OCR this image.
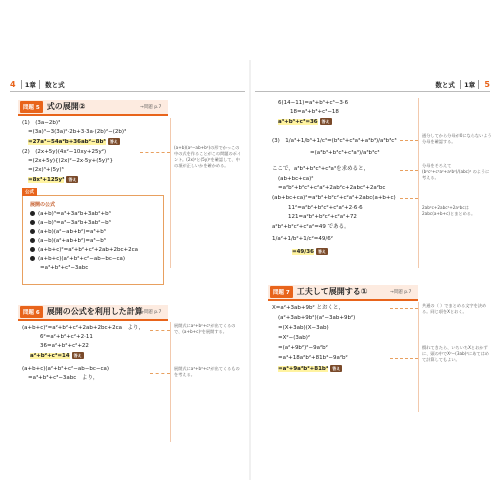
4 1章 数と式
問題 5 式の展開②	→問題 p.7
(1)　(3a−2b)³
=(3a)³−3(3a)²·2b+3·3a·(2b)²−(2b)³
=27a³−54a²b+36ab²−8b³ 答え
(2)　(2x+5y)(4x²−10xy+25y²)
=(2x+5y){(2x)²−2x·5y+(5y)²}
=(2x)³+(5y)³
=8x³+125y³ 答え
(a+b)(a²−ab+b²)の形でかっこの中の式を作ることがこの問題のポイント。(2x)²と(5y)²を確認して、中の項が正しいかを確かめる。
公式
展開の公式
(a+b)³=a³+3a²b+3ab²+b³
(a−b)³=a³−3a²b+3ab²−b³
(a+b)(a²−ab+b²)=a³+b³
(a−b)(a²+ab+b²)=a³−b³
(a+b+c)²=a²+b²+c²+2ab+2bc+2ca
(a+b+c)(a²+b²+c²−ab−bc−ca)
=a³+b³+c³−3abc
問題 6 展開の公式を利用した計算
→問題 p.7
(a+b+c)²=a²+b²+c²+2ab+2bc+2ca　より，
6²=a²+b²+c²+2·11
36=a²+b²+c²+22
a²+b²+c²=14 答え
(a+b+c)(a²+b²+c²−ab−bc−ca)
=a³+b³+c³−3abc　より，
展開式にa²+b²+c²が出てくるので、(a+b+c)²を展開する。
展開式にa³+b³+c³が出てくるものを考える。
数と式 1章 5
6(14−11)=a³+b³+c³−3·6
18=a³+b³+c³−18
a³+b³+c³=36 答え
(3)　1/a³+1/b³+1/c³=(b³c³+c³a³+a³b³)/a³b³c³
=(a³b³+b³c³+c³a³)/a³b³c³
ここで，a³b³+b³c³+c³a³を求めると，
(ab+bc+ca)²
=a²b²+b²c²+c²a²+2ab²c+2abc²+2a²bc
(ab+bc+ca)²=a²b²+b²c²+c²a²+2abc(a+b+c)
11²=a²b²+b²c²+c²a²+2·6·6
121=a²b²+b²c²+c²a²+72
a²b²+b²c²+c²a²=49 である。
1/a²+1/b²+1/c²=49/6²
=49/36 答え
通分してから分母が0にならないよう分母を確認する。
分母をそろえて(b²c²+c²a²+a²b²)/(abc)² のように考える。
2ab²c+2abc²+2a²bcは2abc(a+b+c)とまとめる。
問題 7 工夫して展開する①	→問題 p.7
X=a²+3ab+9b² とおくと，
(a²+3ab+9b²)(a²−3ab+9b²)
=(X+3ab)(X−3ab)
=X²−(3ab)²
=(a²+9b²)²−9a²b²
=a⁴+18a²b²+81b⁴−9a²b²
=a⁴+9a²b²+81b⁴ 答え
共通の（ ）でまとめる文字を決める。同じ項をXとおく。
慣れてきたら、いちいちXとおかずに、頭の中でX²−(3ab)²にあてはめて計算してもよい。
